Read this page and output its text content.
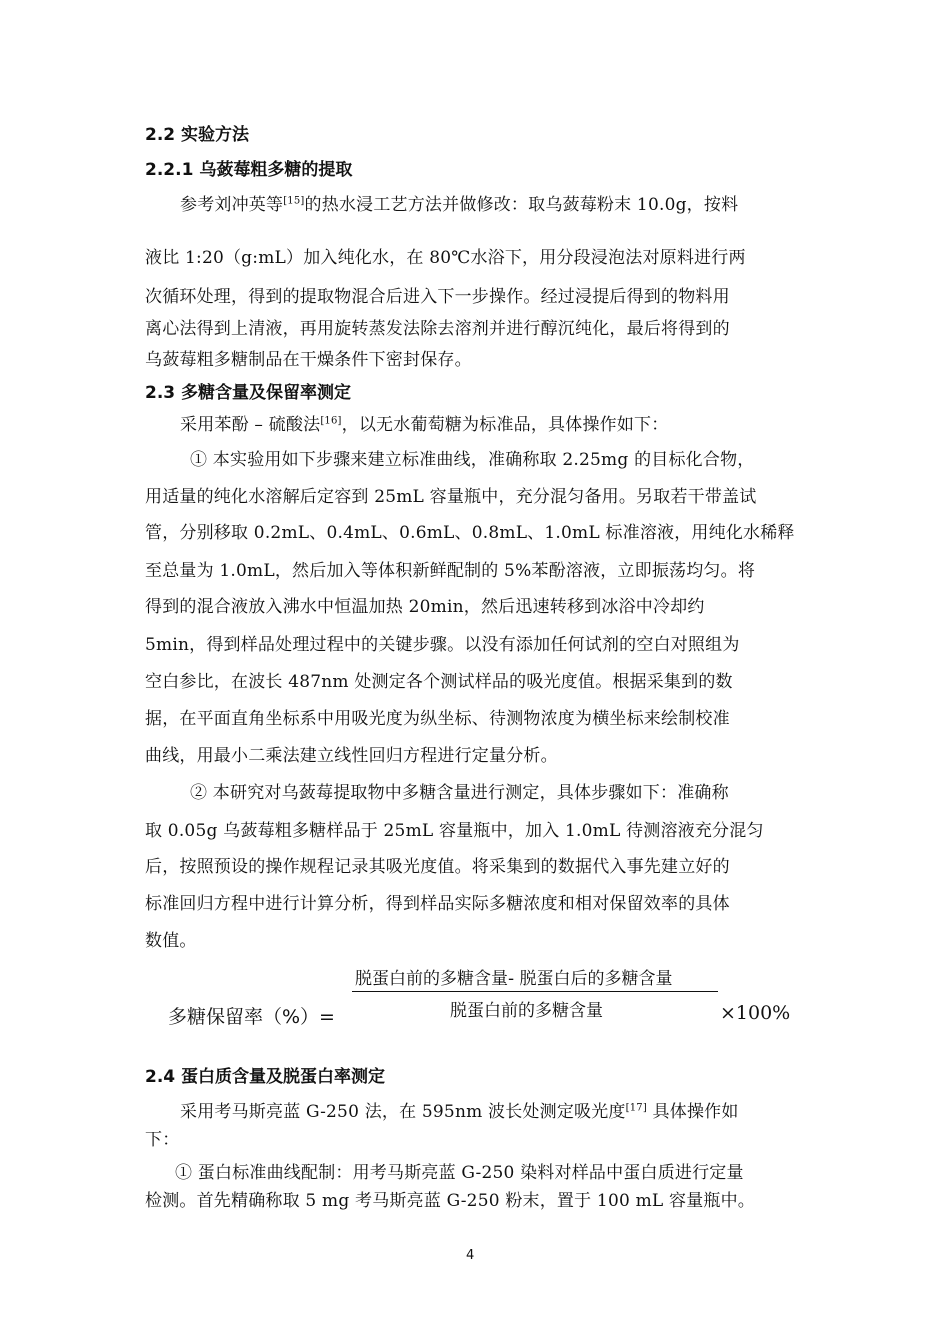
2.2 实验方法
2.2.1 乌蔹莓粗多糖的提取
参考刘冲英等[15]的热水浸工艺方法并做修改：取乌蔹莓粉末 10.0g，按料
液比 1:20（g:mL）加入纯化水，在 80℃水浴下，用分段浸泡法对原料进行两
次循环处理，得到的提取物混合后进入下一步操作。经过浸提后得到的物料用
离心法得到上清液，再用旋转蒸发法除去溶剂并进行醇沉纯化，最后将得到的
乌蔹莓粗多糖制品在干燥条件下密封保存。
2.3 多糖含量及保留率测定
采用苯酚 – 硫酸法[16]，以无水葡萄糖为标准品，具体操作如下：
① 本实验用如下步骤来建立标准曲线，准确称取 2.25mg 的目标化合物，
用适量的纯化水溶解后定容到 25mL 容量瓶中，充分混匀备用。另取若干带盖试
管，分别移取 0.2mL、0.4mL、0.6mL、0.8mL、1.0mL 标准溶液，用纯化水稀释
至总量为 1.0mL，然后加入等体积新鲜配制的 5%苯酚溶液，立即振荡均匀。将
得到的混合液放入沸水中恒温加热 20min，然后迅速转移到冰浴中冷却约
5min，得到样品处理过程中的关键步骤。以没有添加任何试剂的空白对照组为
空白参比，在波长 487nm 处测定各个测试样品的吸光度值。根据采集到的数
据，在平面直角坐标系中用吸光度为纵坐标、待测物浓度为横坐标来绘制校准
曲线，用最小二乘法建立线性回归方程进行定量分析。
② 本研究对乌蔹莓提取物中多糖含量进行测定，具体步骤如下：准确称
取 0.05g 乌蔹莓粗多糖样品于 25mL 容量瓶中，加入 1.0mL 待测溶液充分混匀
后，按照预设的操作规程记录其吸光度值。将采集到的数据代入事先建立好的
标准回归方程中进行计算分析，得到样品实际多糖浓度和相对保留效率的具体
数值。
多糖保留率（%）=
脱蛋白前的多糖含量- 脱蛋白后的多糖含量
脱蛋白前的多糖含量	×100%
2.4 蛋白质含量及脱蛋白率测定
采用考马斯亮蓝 G-250 法，在 595nm 波长处测定吸光度[17] 具体操作如
下：
① 蛋白标准曲线配制：用考马斯亮蓝 G-250 染料对样品中蛋白质进行定量
检测。首先精确称取 5 mg 考马斯亮蓝 G-250 粉末，置于 100 mL 容量瓶中。
4
